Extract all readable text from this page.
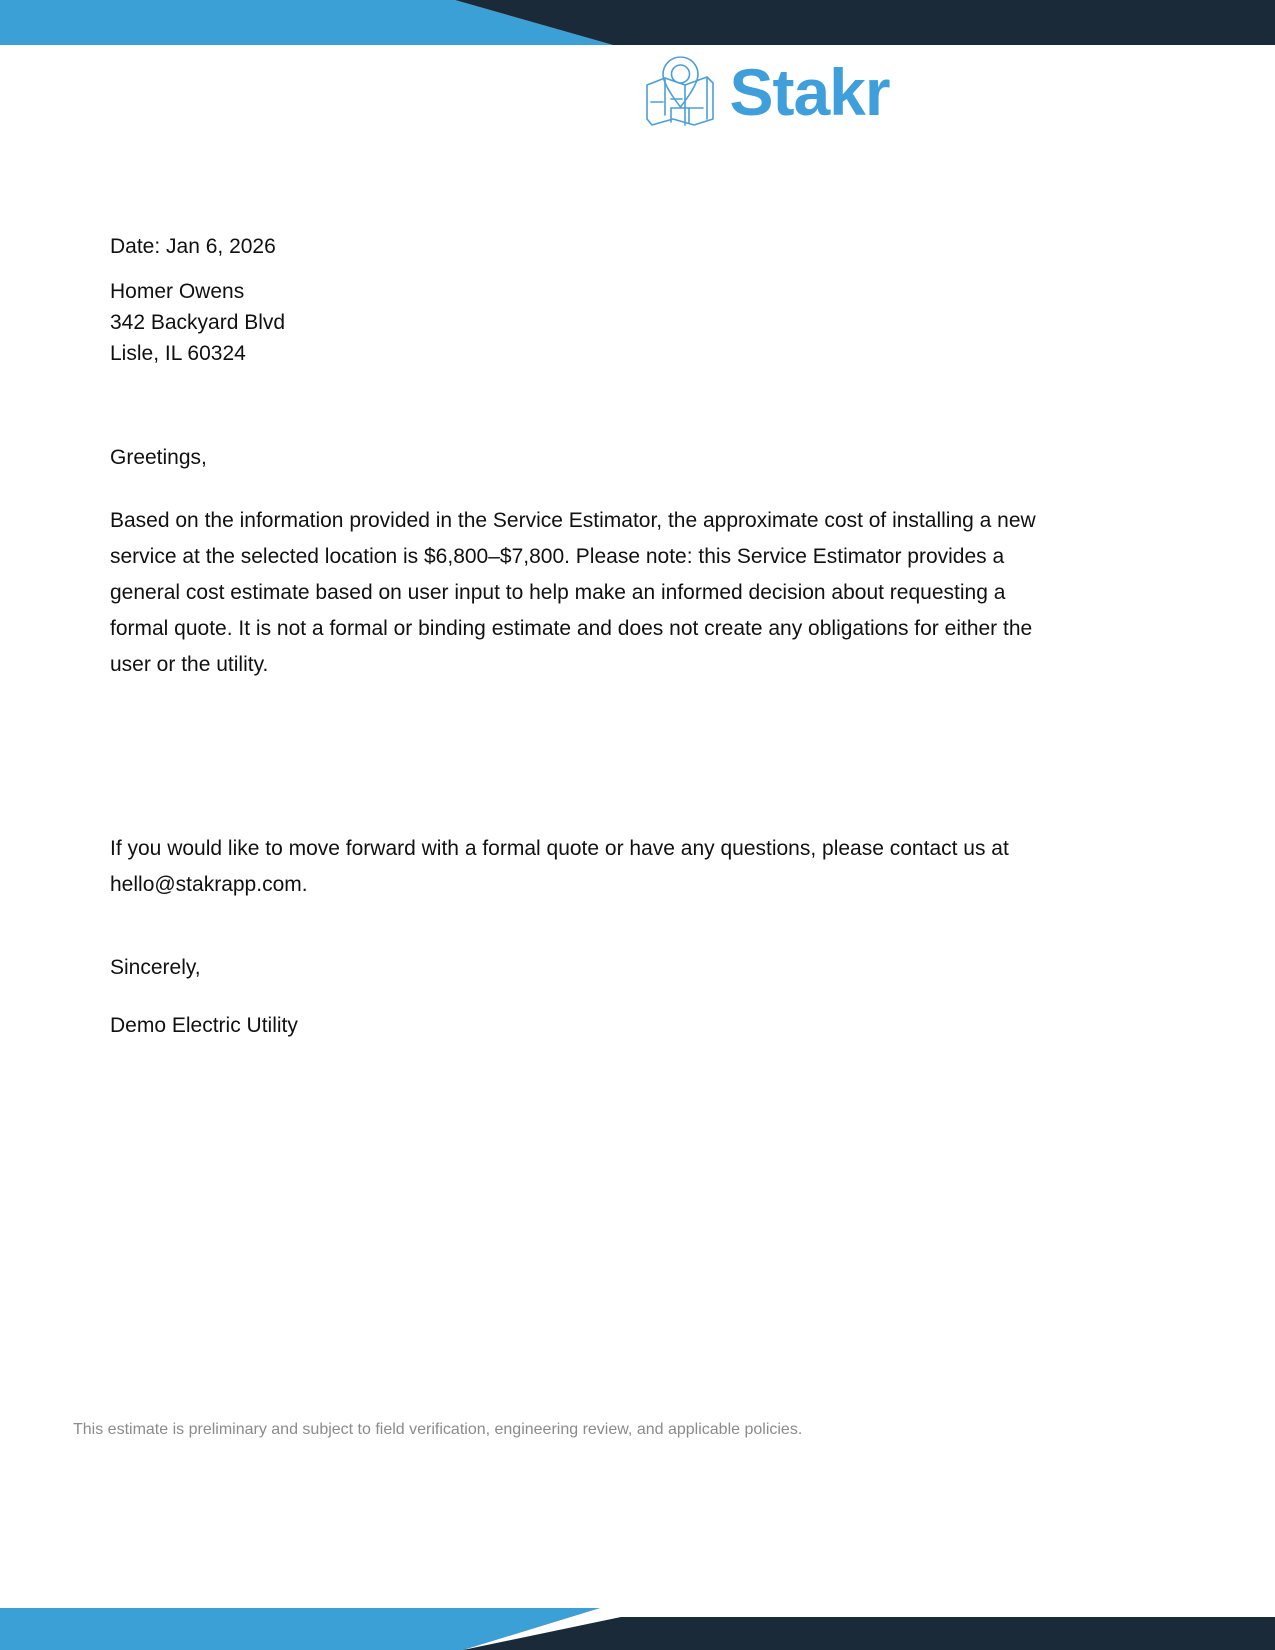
Stakr

Date: Jan 6, 2026

Homer Owens
342 Backyard Blvd
Lisle, IL 60324

Greetings,

Based on the information provided in the Service Estimator, the approximate cost of installing a new service at the selected location is $6,800–$7,800. Please note: this Service Estimator provides a general cost estimate based on user input to help make an informed decision about requesting a formal quote. It is not a formal or binding estimate and does not create any obligations for either the user or the utility.

If you would like to move forward with a formal quote or have any questions, please contact us at hello@stakrapp.com.

Sincerely,

Demo Electric Utility

This estimate is preliminary and subject to field verification, engineering review, and applicable policies.
